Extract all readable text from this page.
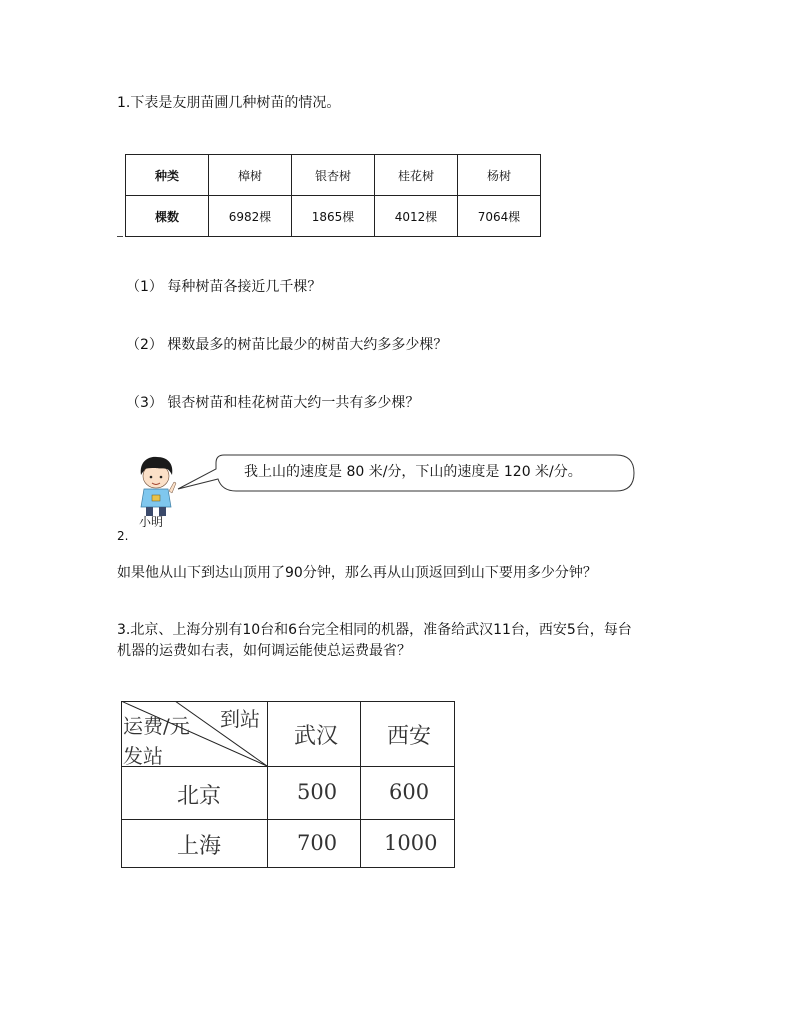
1.下表是友朋苗圃几种树苗的情况。
种类	樟树	银杏树	桂花树	杨树
棵数	6982棵	1865棵	4012棵	7064棵
（1） 每种树苗各接近几千棵？
（2） 棵数最多的树苗比最少的树苗大约多多少棵？
（3） 银杏树苗和桂花树苗大约一共有多少棵？
小明
我上山的速度是 80 米/分，下山的速度是 120 米/分。
2.
如果他从山下到达山顶用了90分钟，那么再从山顶返回到山下要用多少分钟？
3.北京、上海分别有10台和6台完全相同的机器，准备给武汉11台，西安5台，每台
机器的运费如右表，如何调运能使总运费最省？
到站
运费/元
发站
武汉 西安
北京	500 600
上海	700 1000
